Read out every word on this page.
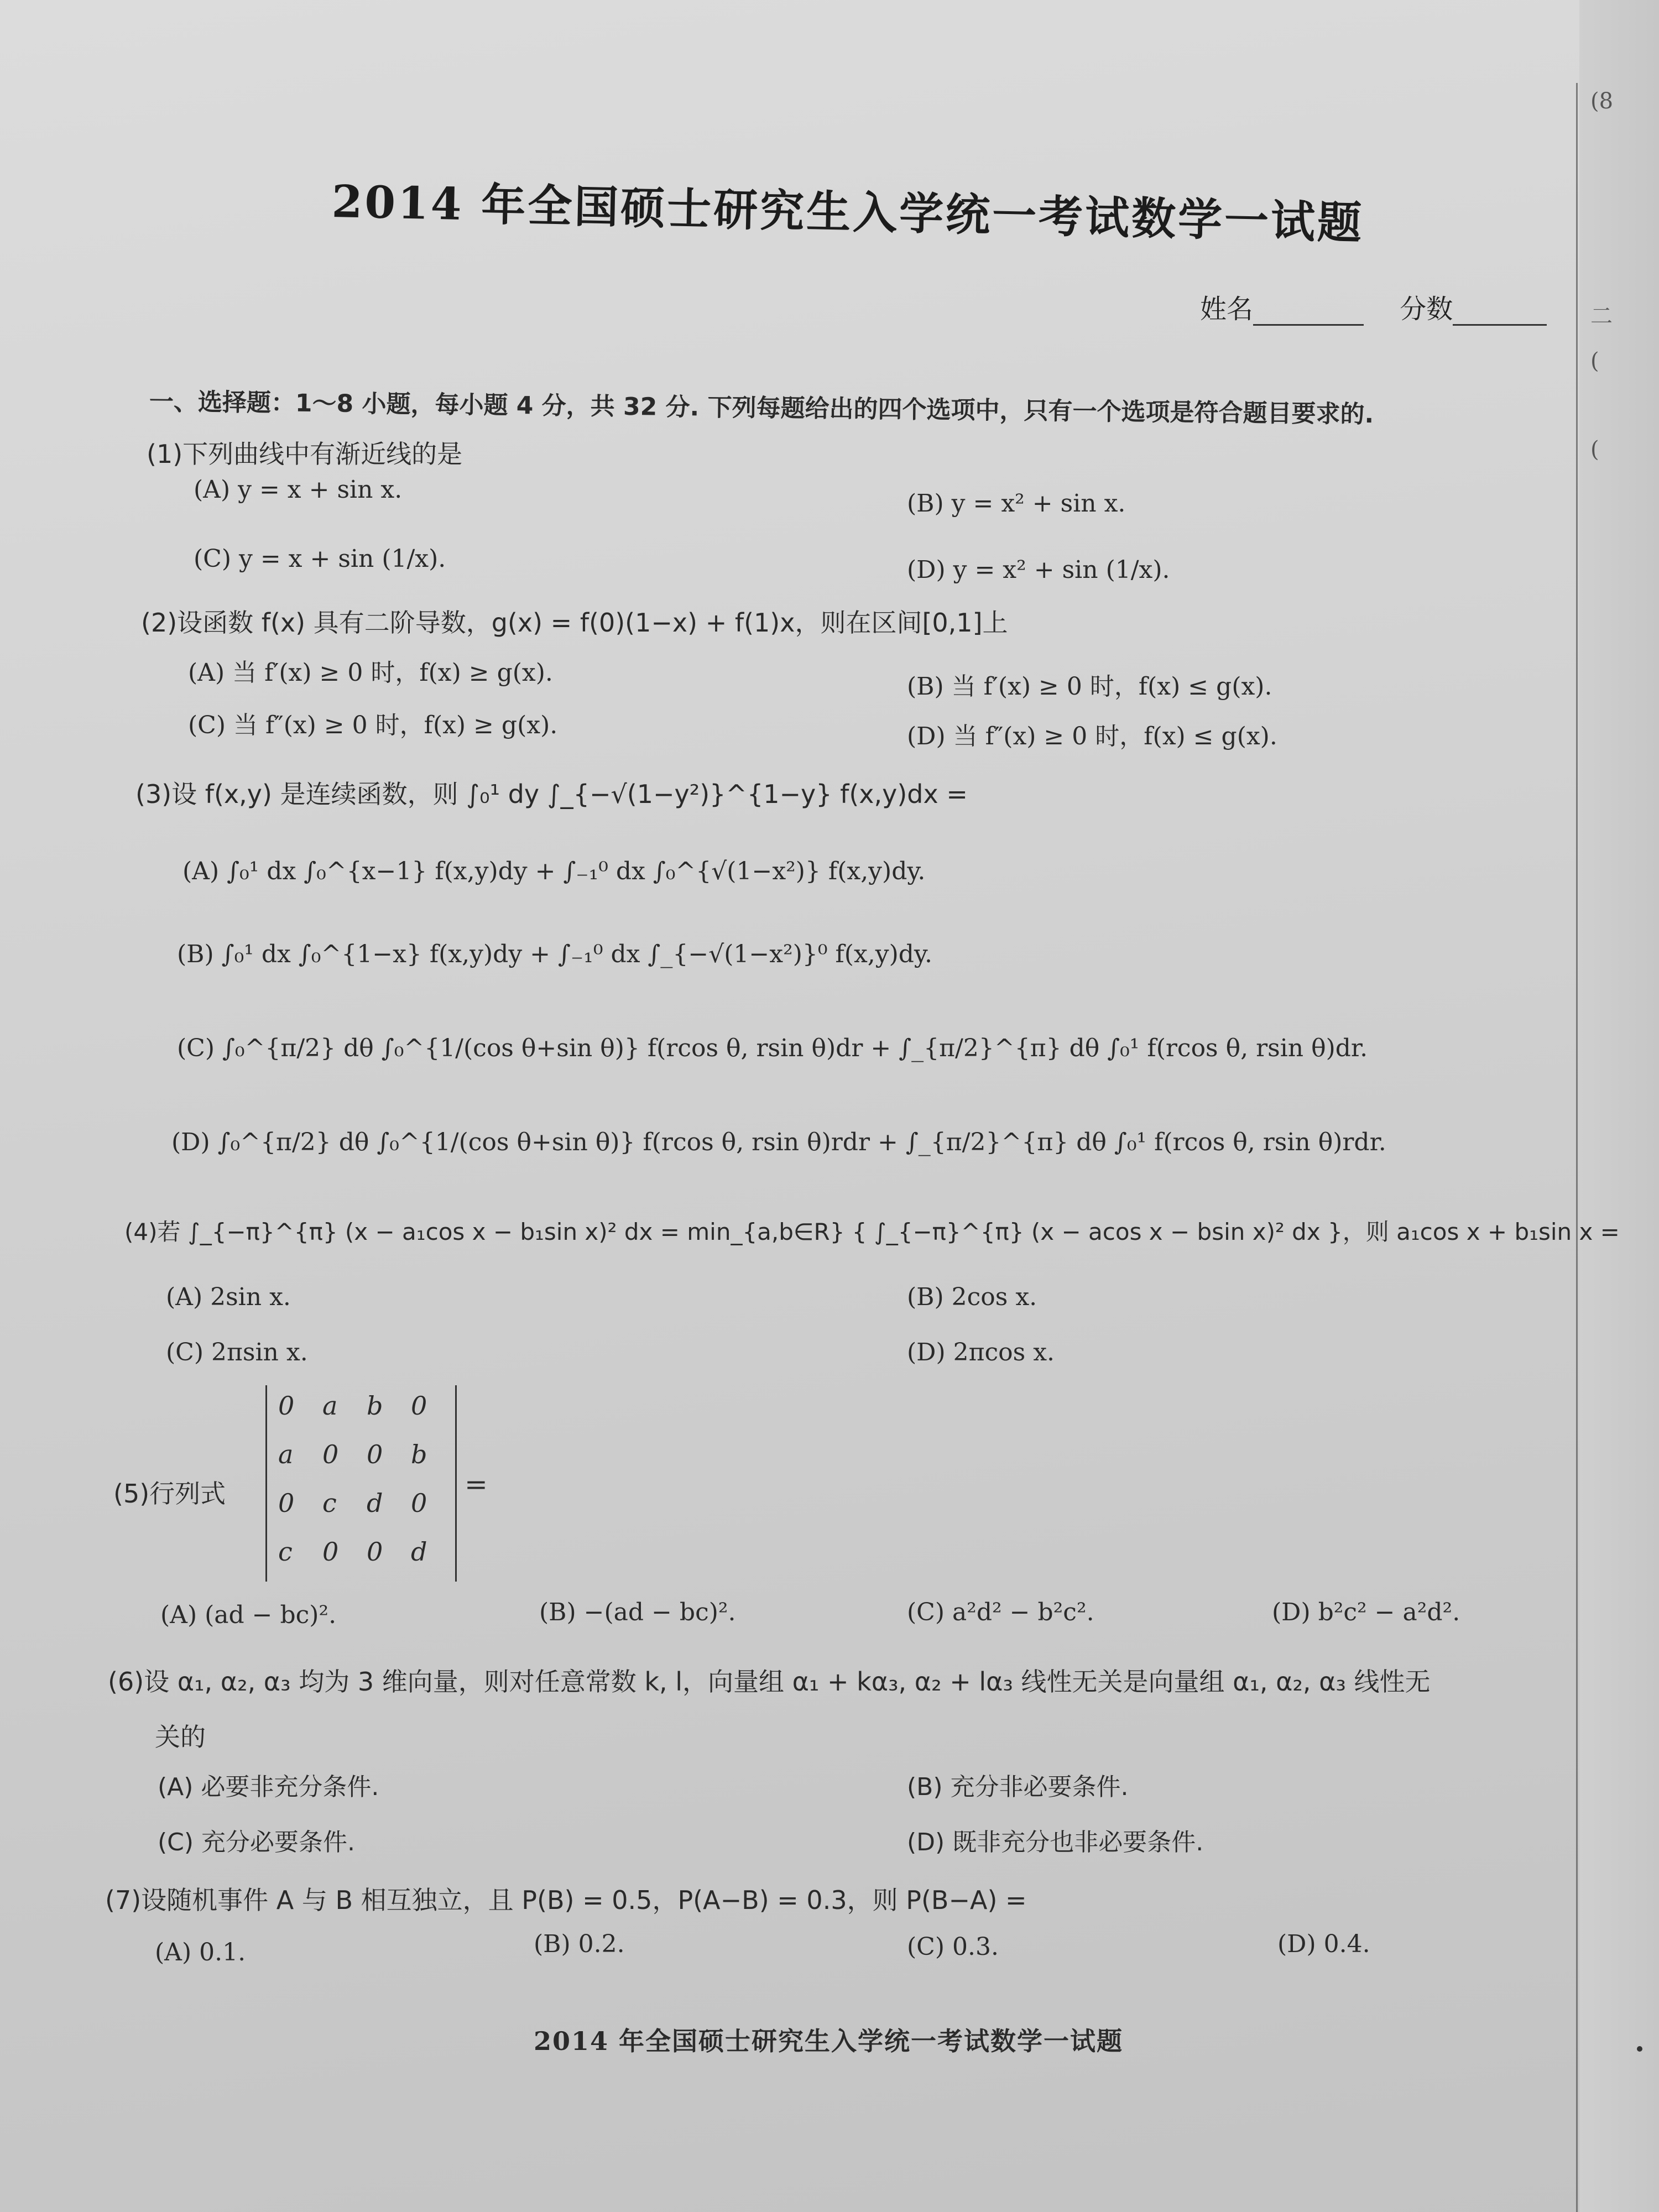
(8
二
(
(
2014 年全国硕士研究生入学统一考试数学一试题
姓名	分数
一、选择题：1～8 小题，每小题 4 分，共 32 分. 下列每题给出的四个选项中，只有一个选项是符合题目要求的.
(1)下列曲线中有渐近线的是
(A) y = x + sin x.	(B) y = x² + sin x.
(C) y = x + sin (1/x).	(D) y = x² + sin (1/x).
(2)设函数 f(x) 具有二阶导数，g(x) = f(0)(1−x) + f(1)x，则在区间[0,1]上
(A) 当 f′(x) ≥ 0 时，f(x) ≥ g(x).	(B) 当 f′(x) ≥ 0 时，f(x) ≤ g(x).
(C) 当 f″(x) ≥ 0 时，f(x) ≥ g(x).	(D) 当 f″(x) ≥ 0 时，f(x) ≤ g(x).
(3)设 f(x,y) 是连续函数，则 ∫₀¹ dy ∫_{−√(1−y²)}^{1−y} f(x,y)dx =
(A) ∫₀¹ dx ∫₀^{x−1} f(x,y)dy + ∫₋₁⁰ dx ∫₀^{√(1−x²)} f(x,y)dy.
(B) ∫₀¹ dx ∫₀^{1−x} f(x,y)dy + ∫₋₁⁰ dx ∫_{−√(1−x²)}⁰ f(x,y)dy.
(C) ∫₀^{π/2} dθ ∫₀^{1/(cos θ+sin θ)} f(rcos θ, rsin θ)dr + ∫_{π/2}^{π} dθ ∫₀¹ f(rcos θ, rsin θ)dr.
(D) ∫₀^{π/2} dθ ∫₀^{1/(cos θ+sin θ)} f(rcos θ, rsin θ)rdr + ∫_{π/2}^{π} dθ ∫₀¹ f(rcos θ, rsin θ)rdr.
(4)若 ∫_{−π}^{π} (x − a₁cos x − b₁sin x)² dx = min_{a,b∈R} { ∫_{−π}^{π} (x − acos x − bsin x)² dx }，则 a₁cos x + b₁sin x =
(A) 2sin x.	(B) 2cos x.
(C) 2πsin x.	(D) 2πcos x.
(5)行列式
0	a	b	0
a	0	0	b
0	c	d	0
c	0	0	d
=
(A) (ad − bc)².	(B) −(ad − bc)².	(C) a²d² − b²c².	(D) b²c² − a²d².
(6)设 α₁, α₂, α₃ 均为 3 维向量，则对任意常数 k, l，向量组 α₁ + kα₃, α₂ + lα₃ 线性无关是向量组 α₁, α₂, α₃ 线性无
关的
(A) 必要非充分条件.	(B) 充分非必要条件.
(C) 充分必要条件.	(D) 既非充分也非必要条件.
(7)设随机事件 A 与 B 相互独立，且 P(B) = 0.5，P(A−B) = 0.3，则 P(B−A) =
(A) 0.1.	(B) 0.2.	(C) 0.3.	(D) 0.4.
2014 年全国硕士研究生入学统一考试数学一试题
